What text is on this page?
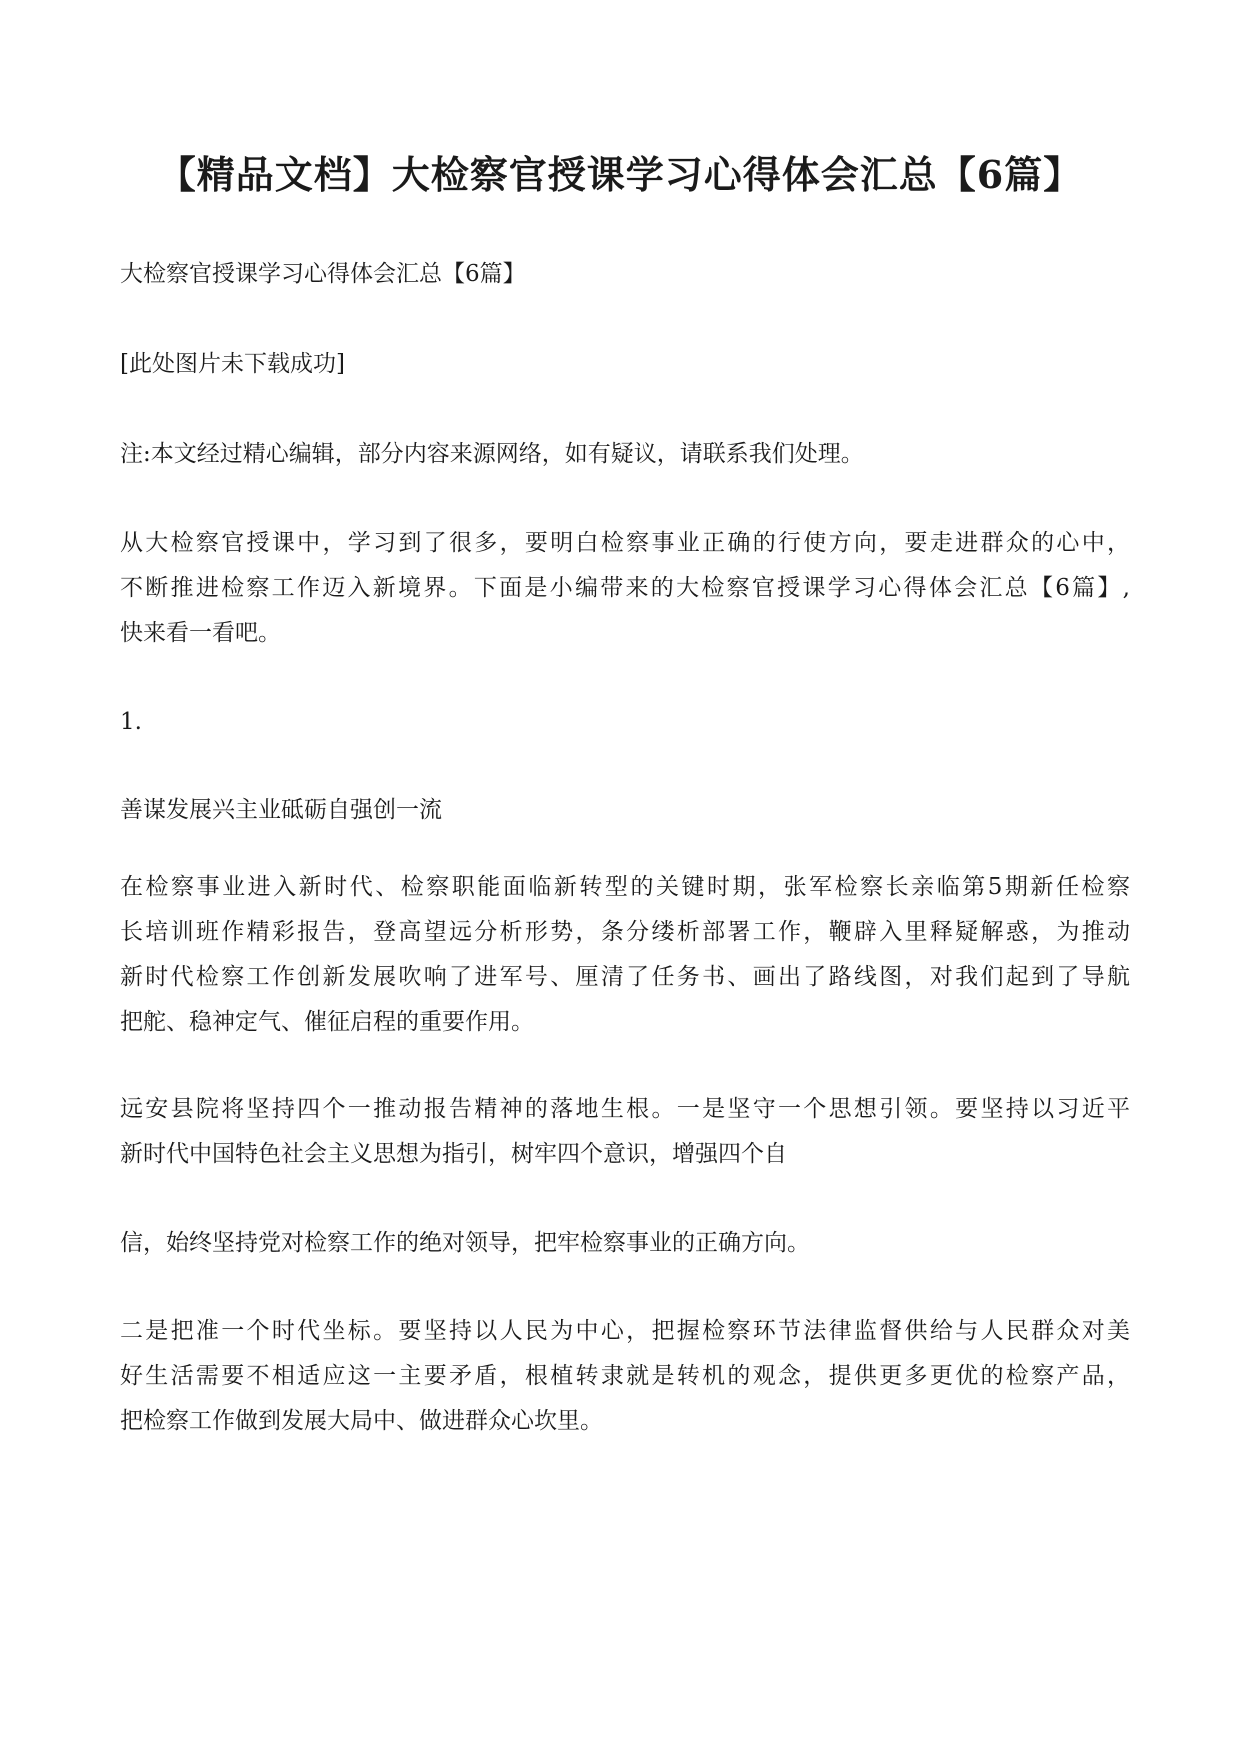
【精品文档】大检察官授课学习心得体会汇总【6篇】

大检察官授课学习心得体会汇总【6篇】

[此处图片未下载成功]

注:本文经过精心编辑，部分内容来源网络，如有疑议，请联系我们处理。

从大检察官授课中，学习到了很多，要明白检察事业正确的行使方向，要走进群众的心中，
不断推进检察工作迈入新境界。下面是小编带来的大检察官授课学习心得体会汇总【6篇】,
快来看一看吧。

1.

善谋发展兴主业砥砺自强创一流

在检察事业进入新时代、检察职能面临新转型的关键时期，张军检察长亲临第5期新任检察
长培训班作精彩报告，登高望远分析形势，条分缕析部署工作，鞭辟入里释疑解惑，为推动
新时代检察工作创新发展吹响了进军号、厘清了任务书、画出了路线图，对我们起到了导航
把舵、稳神定气、催征启程的重要作用。
远安县院将坚持四个一推动报告精神的落地生根。一是坚守一个思想引领。要坚持以习近平
新时代中国特色社会主义思想为指引，树牢四个意识，增强四个自
信，始终坚持党对检察工作的绝对领导，把牢检察事业的正确方向。
二是把准一个时代坐标。要坚持以人民为中心，把握检察环节法律监督供给与人民群众对美
好生活需要不相适应这一主要矛盾，根植转隶就是转机的观念，提供更多更优的检察产品，
把检察工作做到发展大局中、做进群众心坎里。
